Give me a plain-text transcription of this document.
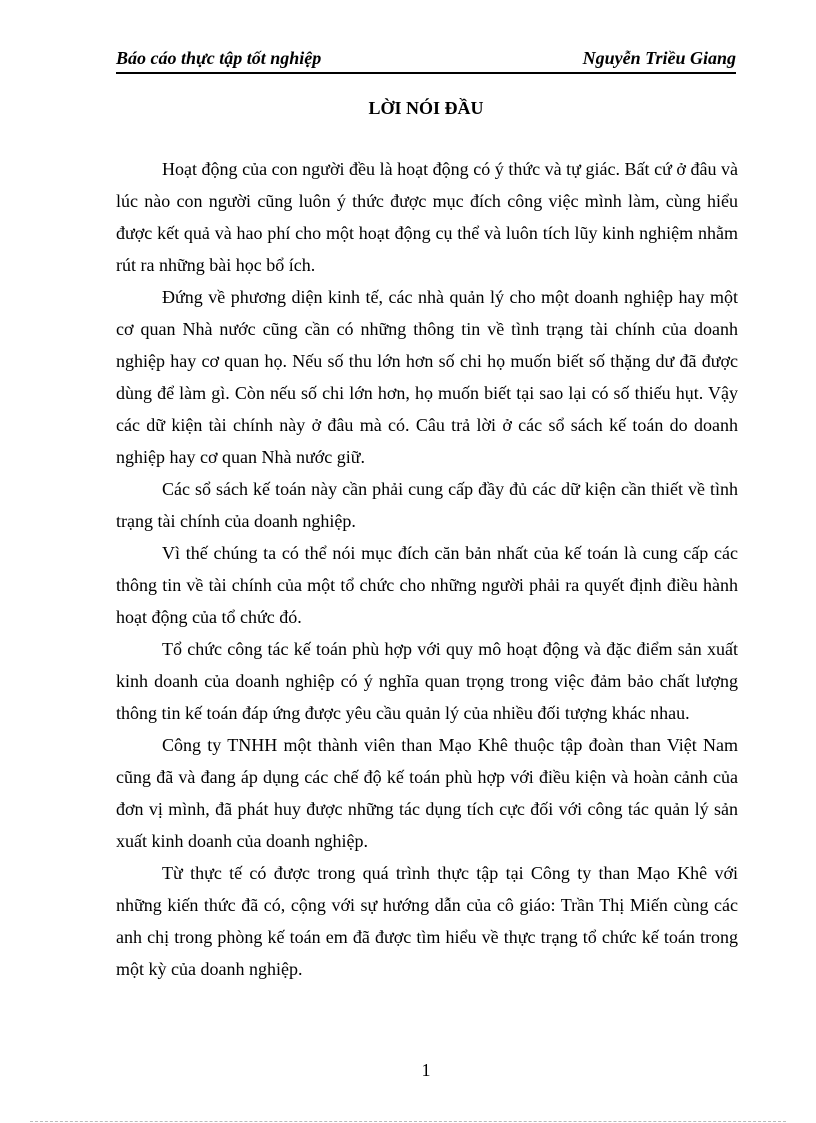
Báo cáo thực tập tốt nghiệp	Nguyễn Triều Giang
LỜI NÓI ĐẦU

Hoạt động của con người đều là hoạt động có ý thức và tự giác. Bất cứ ở đâu và lúc nào con người cũng luôn ý thức được mục đích công việc mình làm, cùng hiểu được kết quả và hao phí cho một hoạt động cụ thể và luôn tích lũy kinh nghiệm nhằm rút ra những bài học bổ ích.

Đứng về phương diện kinh tế, các nhà quản lý cho một doanh nghiệp hay một cơ quan Nhà nước cũng cần có những thông tin về tình trạng tài chính của doanh nghiệp hay cơ quan họ. Nếu số thu lớn hơn số chi họ muốn biết số thặng dư đã được dùng để làm gì. Còn nếu số chi lớn hơn, họ muốn biết tại sao lại có số thiếu hụt. Vậy các dữ kiện tài chính này ở đâu mà có. Câu trả lời ở các sổ sách kế toán do doanh nghiệp hay cơ quan Nhà nước giữ.

Các sổ sách kế toán này cần phải cung cấp đầy đủ các dữ kiện cần thiết về tình trạng tài chính của doanh nghiệp.

Vì thế chúng ta có thể nói mục đích căn bản nhất của kế toán là cung cấp các thông tin về tài chính của một tổ chức cho những người phải ra quyết định điều hành hoạt động của tổ chức đó.

Tổ chức công tác kế toán phù hợp với quy mô hoạt động và đặc điểm sản xuất kinh doanh của doanh nghiệp có ý nghĩa quan trọng trong việc đảm bảo chất lượng thông tin kế toán đáp ứng được yêu cầu quản lý của nhiều đối tượng khác nhau.

Công ty TNHH một thành viên than Mạo Khê thuộc tập đoàn than Việt Nam cũng đã và đang áp dụng các chế độ kế toán phù hợp với điều kiện và hoàn cảnh của đơn vị mình, đã phát huy được những tác dụng tích cực đối với công tác quản lý sản xuất kinh doanh của doanh nghiệp.

Từ thực tế có được trong quá trình thực tập tại Công ty than Mạo Khê với những kiến thức đã có, cộng với sự hướng dẫn của cô giáo: Trần Thị Miến cùng các anh chị trong phòng kế toán em đã được tìm hiểu về thực trạng tổ chức kế toán trong một kỳ của doanh nghiệp.

1
